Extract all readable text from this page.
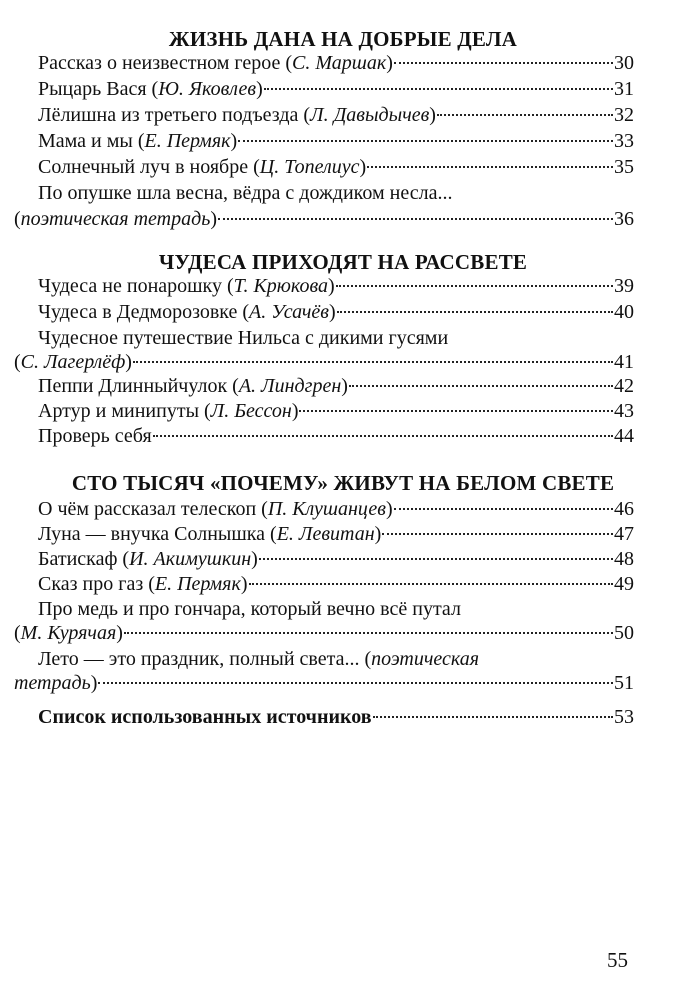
ЖИЗНЬ ДАНА НА ДОБРЫЕ ДЕЛА
Рассказ о неизвестном герое (С. Маршак)	30
Рыцарь Вася (Ю. Яковлев)	31
Лёлишна из третьего подъезда (Л. Давыдычев)	32
Мама и мы (Е. Пермяк)	33
Солнечный луч в ноябре (Ц. Топелиус)	35
По опушке шла весна, вёдра с дождиком несла...
(поэтическая тетрадь)	36
ЧУДЕСА ПРИХОДЯТ НА РАССВЕТЕ
Чудеса не понарошку (Т. Крюкова)	39
Чудеса в Дедморозовке (А. Усачёв)	40
Чудесное путешествие Нильса с дикими гусями
(С. Лагерлёф)	41
Пеппи Длинныйчулок (А. Линдгрен)	42
Артур и минипуты (Л. Бессон)	43
Проверь себя	44
СТО ТЫСЯЧ «ПОЧЕМУ» ЖИВУТ НА БЕЛОМ СВЕТЕ
О чём рассказал телескоп (П. Клушанцев)	46
Луна — внучка Солнышка (Е. Левитан)	47
Батискаф (И. Акимушкин)	48
Сказ про газ (Е. Пермяк)	49
Про медь и про гончара, который вечно всё путал
(М. Курячая)	50
Лето — это праздник, полный света... (поэтическая
тетрадь)	51
Список использованных источников	53
55
